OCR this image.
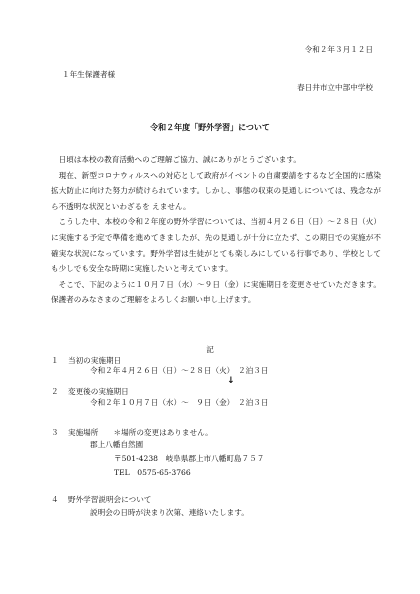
令和２年３月１２日
１年生保護者様
春日井市立中部中学校
令和２年度「野外学習」について

日頃は本校の教育活動へのご理解ご協力、誠にありがとうございます。

現在、新型コロナウィルスへの対応として政府がイベントの自粛要請をするなど全国的に感染拡大防止に向けた努力が続けられています。しかし、事態の収束の見通しについては、残念ながら不透明な状況といわざるを えません。

こうした中、本校の令和２年度の野外学習については、当初４月２６日（日）～２８日（火）に実施する予定で準備を進めてきましたが、先の見通しが十分に立たず、この期日での実施が不確実な状況になっています。野外学習は生徒がとても楽しみにしている行事であり、学校としても少しでも安全な時期に実施したいと考えています。

そこで、下記のように１０月７日（水）～９日（金）に実施期日を変更させていただきます。保護者のみなさまのご理解をよろしくお願い申し上げます。

記
１ 当初の実施期日
令和２年４月２６日（日）～２８日（火）　２泊３日
↓
２ 変更後の実施期日
令和２年１０月７日（水）～　９日（金）　２泊３日
３ 実施場所　　＊場所の変更はありません。
郡上八幡自然園
〒501-4238　岐阜県郡上市八幡町島７５７
TEL　0575-65-3766
４ 野外学習説明会について
説明会の日時が決まり次第、連絡いたします。
